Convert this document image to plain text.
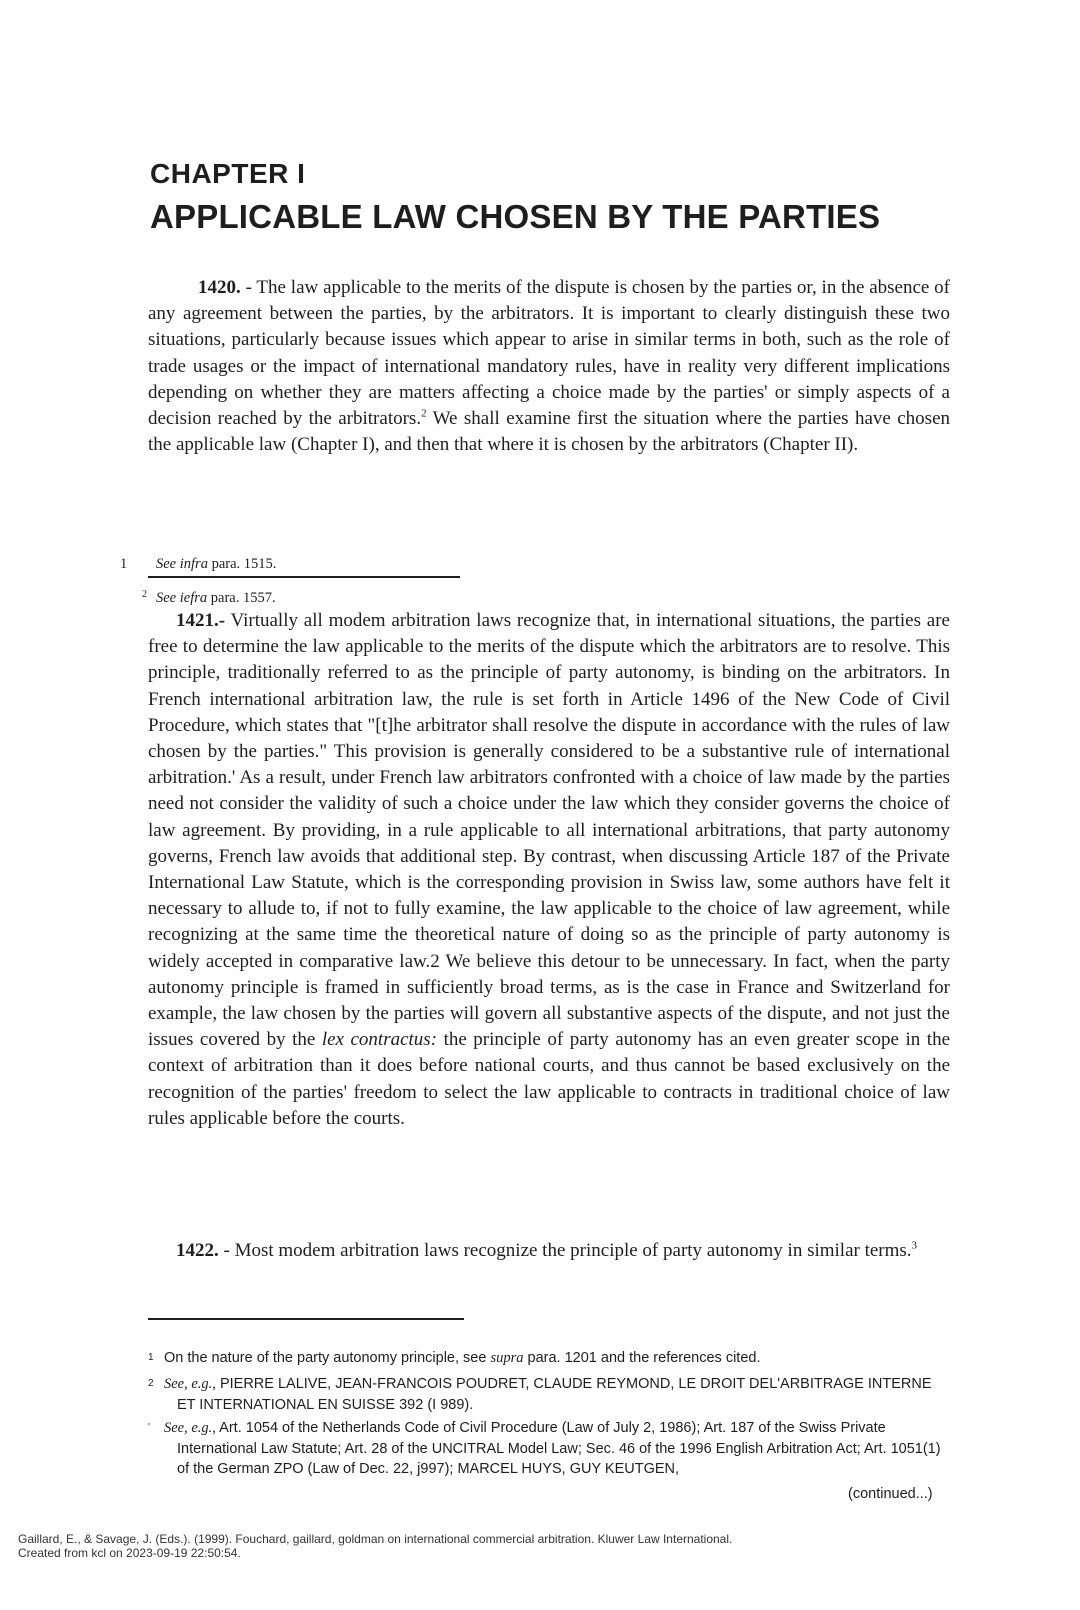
CHAPTER I
APPLICABLE LAW CHOSEN BY THE PARTIES

1420. - The law applicable to the merits of the dispute is chosen by the parties or, in the absence of any agreement between the parties, by the arbitrators. It is important to clearly distinguish these two situations, particularly because issues which appear to arise in similar terms in both, such as the role of trade usages or the impact of international mandatory rules, have in reality very different implications depending on whether they are matters affecting a choice made by the parties' or simply aspects of a decision reached by the arbitrators.$^2$ We shall examine first the situation where the parties have chosen the applicable law (Chapter I), and then that where it is chosen by the arbitrators (Chapter II).

1 See infra para. 1515.
2 See iefra para. 1557.

1421.- Virtually all modem arbitration laws recognize that, in international situations, the parties are free to determine the law applicable to the merits of the dispute which the arbitrators are to resolve. This principle, traditionally referred to as the principle of party autonomy, is binding on the arbitrators. In French international arbitration law, the rule is set forth in Article 1496 of the New Code of Civil Procedure, which states that "[t]he arbitrator shall resolve the dispute in accordance with the rules of law chosen by the parties." This provision is generally considered to be a substantive rule of international arbitration.' As a result, under French law arbitrators confronted with a choice of law made by the parties need not consider the validity of such a choice under the law which they consider governs the choice of law agreement. By providing, in a rule applicable to all international arbitrations, that party autonomy governs, French law avoids that additional step. By contrast, when discussing Article 187 of the Private International Law Statute, which is the corresponding provision in Swiss law, some authors have felt it necessary to allude to, if not to fully examine, the law applicable to the choice of law agreement, while recognizing at the same time the theoretical nature of doing so as the principle of party autonomy is widely accepted in comparative law.2 We believe this detour to be unnecessary. In fact, when the party autonomy principle is framed in sufficiently broad terms, as is the case in France and Switzerland for example, the law chosen by the parties will govern all substantive aspects of the dispute, and not just the issues covered by the lex contractus: the principle of party autonomy has an even greater scope in the context of arbitration than it does before national courts, and thus cannot be based exclusively on the recognition of the parties' freedom to select the law applicable to contracts in traditional choice of law rules applicable before the courts.

1422. - Most modem arbitration laws recognize the principle of party autonomy in similar terms.$^3$

1 On the nature of the party autonomy principle, see supra para. 1201 and the references cited.
2 See, e.g., PIERRE LALIVE, JEAN-FRANCOIS POUDRET, CLAUDE REYMOND, LE DROIT DEL'ARBITRAGE INTERNE ET INTERNATIONAL EN SUISSE 392 (I 989).
' See, e.g., Art. 1054 of the Netherlands Code of Civil Procedure (Law of July 2, 1986); Art. 187 of the Swiss Private International Law Statute; Art. 28 of the UNCITRAL Model Law; Sec. 46 of the 1996 English Arbitration Act; Art. 1051(1) of the German ZPO (Law of Dec. 22, j997); MARCEL HUYS, GUY KEUTGEN,
(continued...)
Gaillard, E., & Savage, J. (Eds.). (1999). Fouchard, gaillard, goldman on international commercial arbitration. Kluwer Law International.
Created from kcl on 2023-09-19 22:50:54.
